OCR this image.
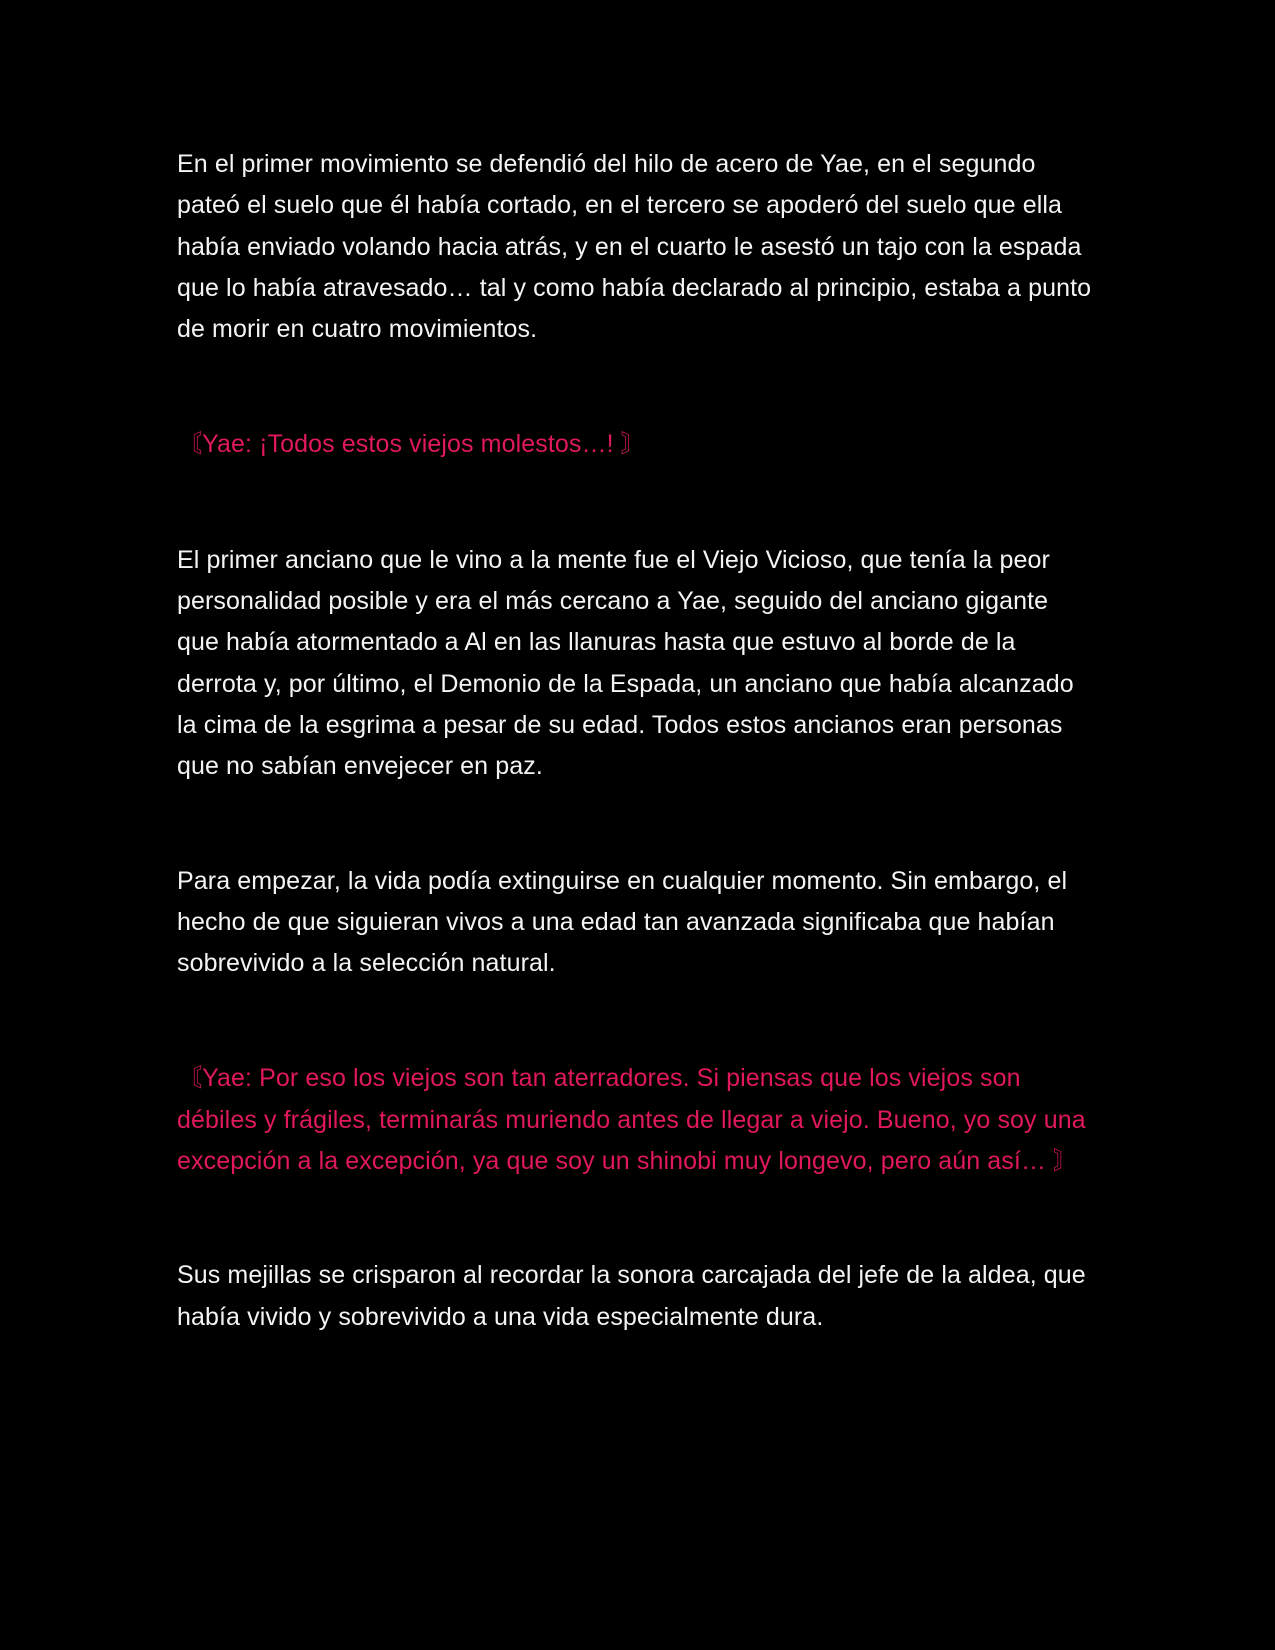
En el primer movimiento se defendió del hilo de acero de Yae, en el segundo pateó el suelo que él había cortado, en el tercero se apoderó del suelo que ella había enviado volando hacia atrás, y en el cuarto le asestó un tajo con la espada que lo había atravesado… tal y como había declarado al principio, estaba a punto de morir en cuatro movimientos.

〘Yae: ¡Todos estos viejos molestos…! 〙

El primer anciano que le vino a la mente fue el Viejo Vicioso, que tenía la peor personalidad posible y era el más cercano a Yae, seguido del anciano gigante que había atormentado a Al en las llanuras hasta que estuvo al borde de la derrota y, por último, el Demonio de la Espada, un anciano que había alcanzado la cima de la esgrima a pesar de su edad. Todos estos ancianos eran personas que no sabían envejecer en paz.

Para empezar, la vida podía extinguirse en cualquier momento. Sin embargo, el hecho de que siguieran vivos a una edad tan avanzada significaba que habían sobrevivido a la selección natural.

〘Yae: Por eso los viejos son tan aterradores. Si piensas que los viejos son débiles y frágiles, terminarás muriendo antes de llegar a viejo. Bueno, yo soy una excepción a la excepción, ya que soy un shinobi muy longevo, pero aún así… 〙

Sus mejillas se crisparon al recordar la sonora carcajada del jefe de la aldea, que había vivido y sobrevivido a una vida especialmente dura.
